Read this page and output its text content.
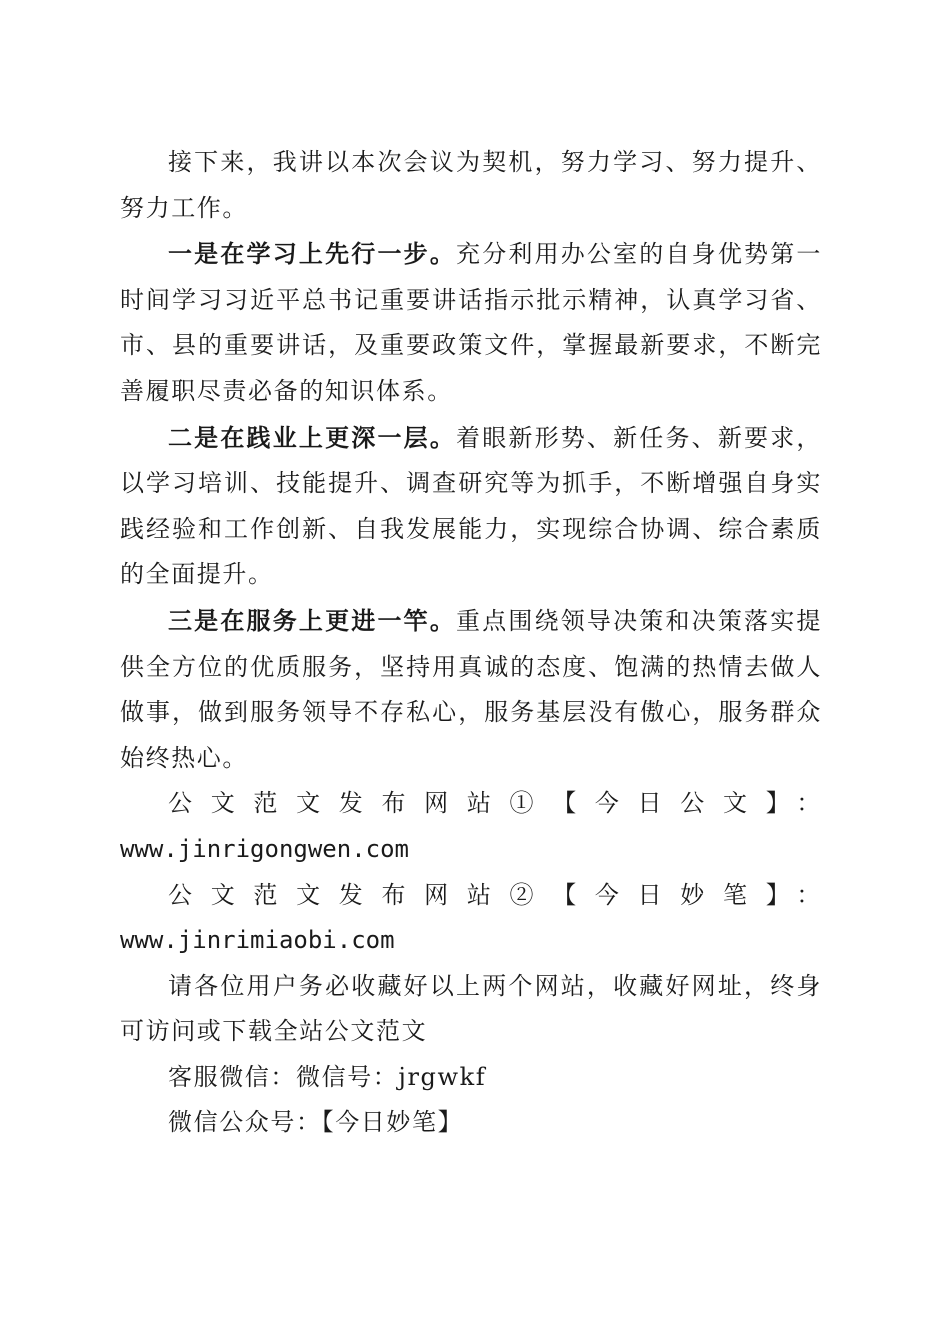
接下来，我讲以本次会议为契机，努力学习、努力提升、努力工作。

一是在学习上先行一步。充分利用办公室的自身优势第一时间学习习近平总书记重要讲话指示批示精神，认真学习省、市、县的重要讲话，及重要政策文件，掌握最新要求，不断完善履职尽责必备的知识体系。

二是在践业上更深一层。着眼新形势、新任务、新要求，以学习培训、技能提升、调查研究等为抓手，不断增强自身实践经验和工作创新、自我发展能力，实现综合协调、综合素质的全面提升。

三是在服务上更进一竿。重点围绕领导决策和决策落实提供全方位的优质服务，坚持用真诚的态度、饱满的热情去做人做事，做到服务领导不存私心，服务基层没有傲心，服务群众始终热心。

公文范文发布网站①【今日公文】：

www.jinrigongwen.com

公文范文发布网站②【今日妙笔】：www.jinrimiaobi.com

请各位用户务必收藏好以上两个网站，收藏好网址，终身可访问或下载全站公文范文

客服微信：微信号：jrgwkf

微信公众号：【今日妙笔】
